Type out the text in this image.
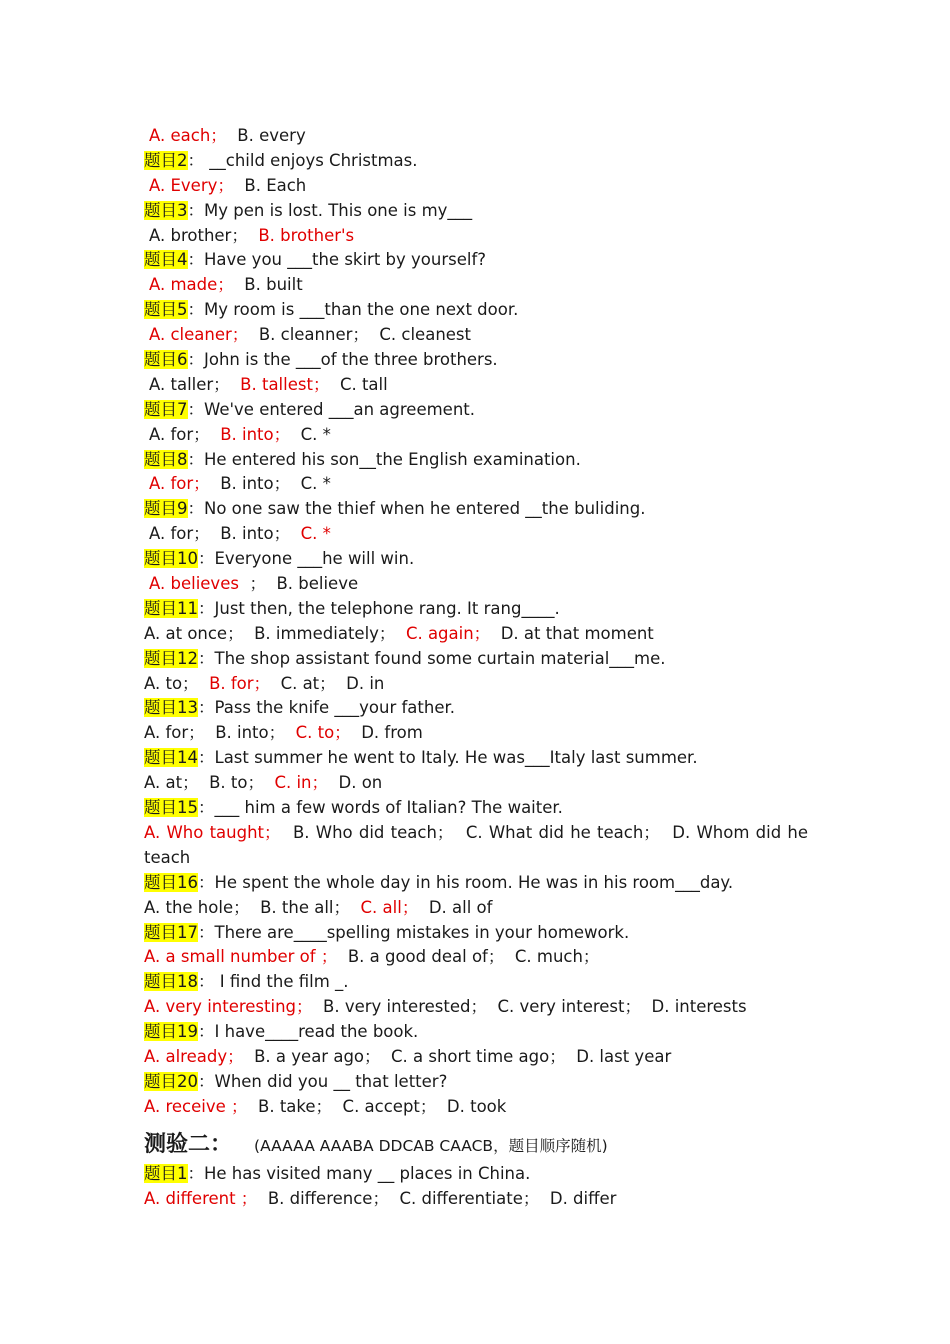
A. each； B. every
题目2： __child enjoys Christmas.
A. Every； B. Each
题目3：My pen is lost. This one is my___
A. brother； B. brother's
题目4：Have you ___the skirt by yourself?
A. made； B. built
题目5：My room is ___than the one next door.
A. cleaner； B. cleanner； C. cleanest
题目6：John is the ___of the three brothers.
A. taller； B. tallest； C. tall
题目7：We've entered ___an agreement.
A. for； B. into； C. *
题目8：He entered his son__the English examination.
A. for； B. into； C. *
题目9：No one saw the thief when he entered __the buliding.
A. for； B. into； C. *
题目10：Everyone ___he will win.
A. believes ； B. believe
题目11：Just then, the telephone rang. It rang____.
A. at once； B. immediately； C. again； D. at that moment
题目12：The shop assistant found some curtain material___me.
A. to； B. for； C. at； D. in
题目13：Pass the knife ___your father.
A. for； B. into； C. to； D. from
题目14：Last summer he went to Italy. He was___Italy last summer.
A. at； B. to； C. in； D. on
题目15：___ him a few words of Italian? The waiter.
A. Who taught； B. Who did teach； C. What did he teach； D. Whom did he teach
题目16：He spent the whole day in his room. He was in his room___day.
A. the hole； B. the all； C. all； D. all of
题目17：There are____spelling mistakes in your homework.
A. a small number of ； B. a good deal of； C. much；
题目18： I find the film _.
A. very interesting； B. very interested； C. very interest； D. interests
题目19：I have____read the book.
A. already； B. a year ago； C. a short time ago； D. last year
题目20：When did you __ that letter?
A. receive ； B. take； C. accept； D. took
测验二： (AAAAA AAABA DDCAB CAACB，题目顺序随机)
题目1：He has visited many __ places in China.
A. different ； B. difference； C. differentiate； D. differ
